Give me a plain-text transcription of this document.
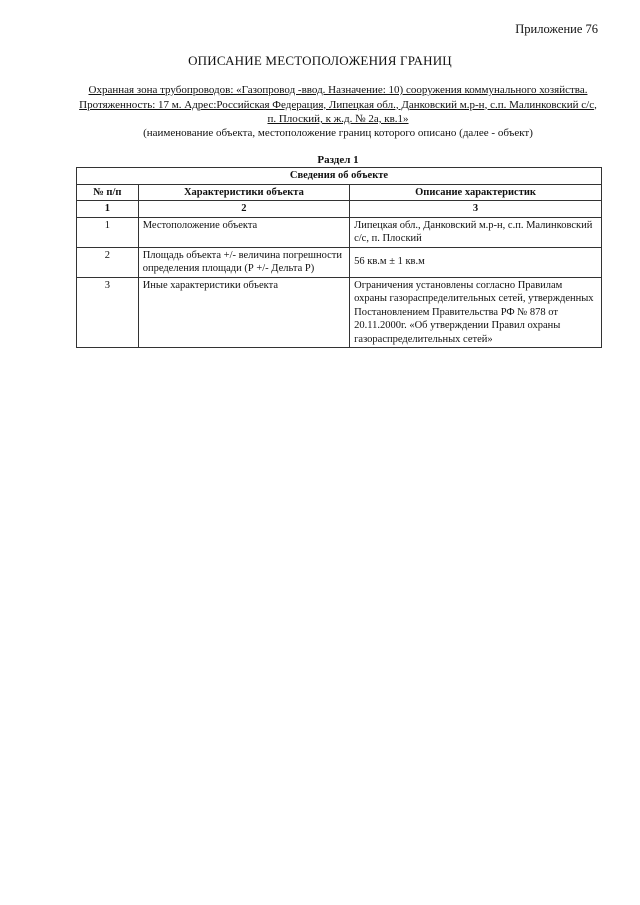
Приложение 76
ОПИСАНИЕ МЕСТОПОЛОЖЕНИЯ ГРАНИЦ
Охранная зона трубопроводов: «Газопровод -ввод. Назначение: 10) сооружения коммунального хозяйства. Протяженность: 17 м. Адрес:Российская Федерация, Липецкая обл., Данковский м.р-н, с.п. Малинковский с/с, п. Плоский, к ж.д. № 2а, кв.1»
(наименование объекта, местоположение границ которого описано (далее - объект)
Раздел 1
Сведения об объекте		
№ п/п	Характеристики объекта	Описание характеристик
1	2	3
1	Местоположение объекта	Липецкая обл., Данковский м.р-н, с.п. Малинковский с/с, п. Плоский
2	Площадь объекта +/- величина погрешности определения площади (Р +/- Дельта Р)	56 кв.м ± 1 кв.м
3	Иные характеристики объекта	Ограничения установлены согласно Правилам охраны газораспределительных сетей, утвержденных Постановлением Правительства РФ № 878 от 20.11.2000г. «Об утверждении Правил охраны газораспределительных сетей»
